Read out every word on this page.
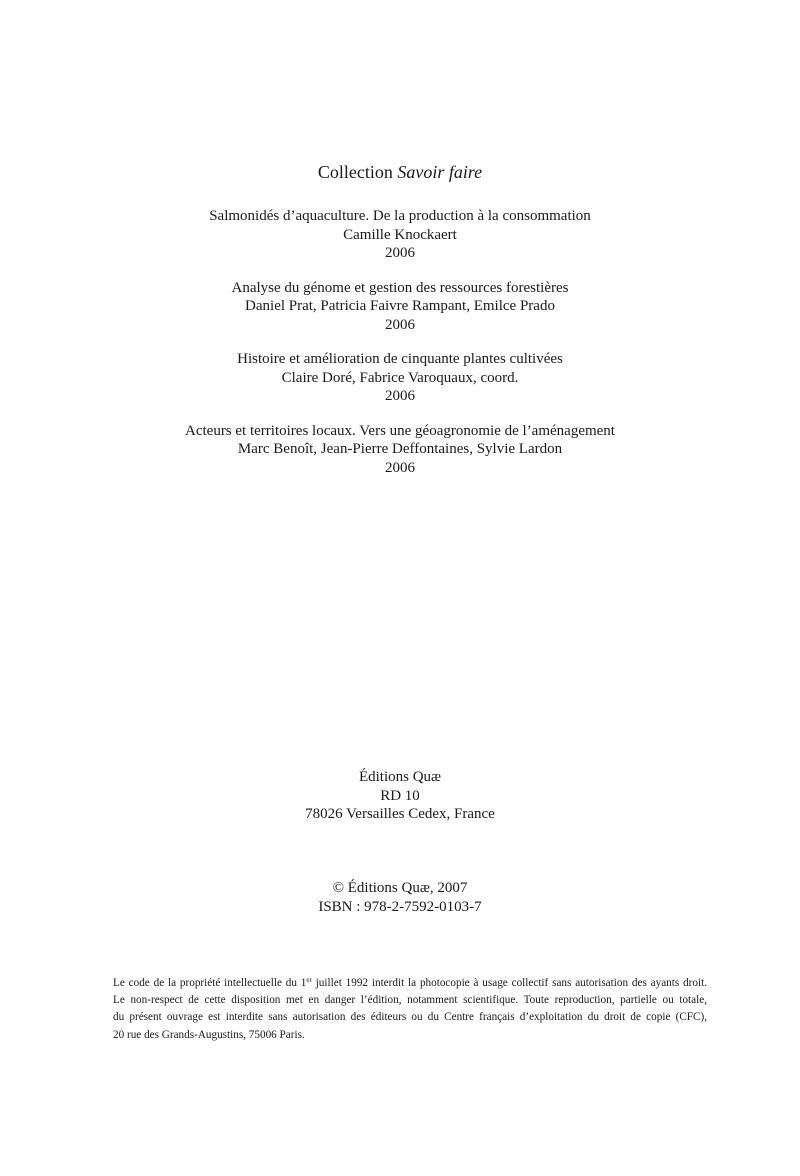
Collection Savoir faire
Salmonidés d’aquaculture. De la production à la consommation
Camille Knockaert
2006
Analyse du génome et gestion des ressources forestières
Daniel Prat, Patricia Faivre Rampant, Emilce Prado
2006
Histoire et amélioration de cinquante plantes cultivées
Claire Doré, Fabrice Varoquaux, coord.
2006
Acteurs et territoires locaux. Vers une géoagronomie de l’aménagement
Marc Benoît, Jean-Pierre Deffontaines, Sylvie Lardon
2006
Éditions Quæ
RD 10
78026 Versailles Cedex, France
© Éditions Quæ, 2007
ISBN : 978-2-7592-0103-7
Le code de la propriété intellectuelle du 1er juillet 1992 interdit la photocopie à usage collectif sans autorisation des ayants droit.
Le non-respect de cette disposition met en danger l’édition, notamment scientifique. Toute reproduction, partielle ou totale,
du présent ouvrage est interdite sans autorisation des éditeurs ou du Centre français d’exploitation du droit de copie (CFC),
20 rue des Grands-Augustins, 75006 Paris.
